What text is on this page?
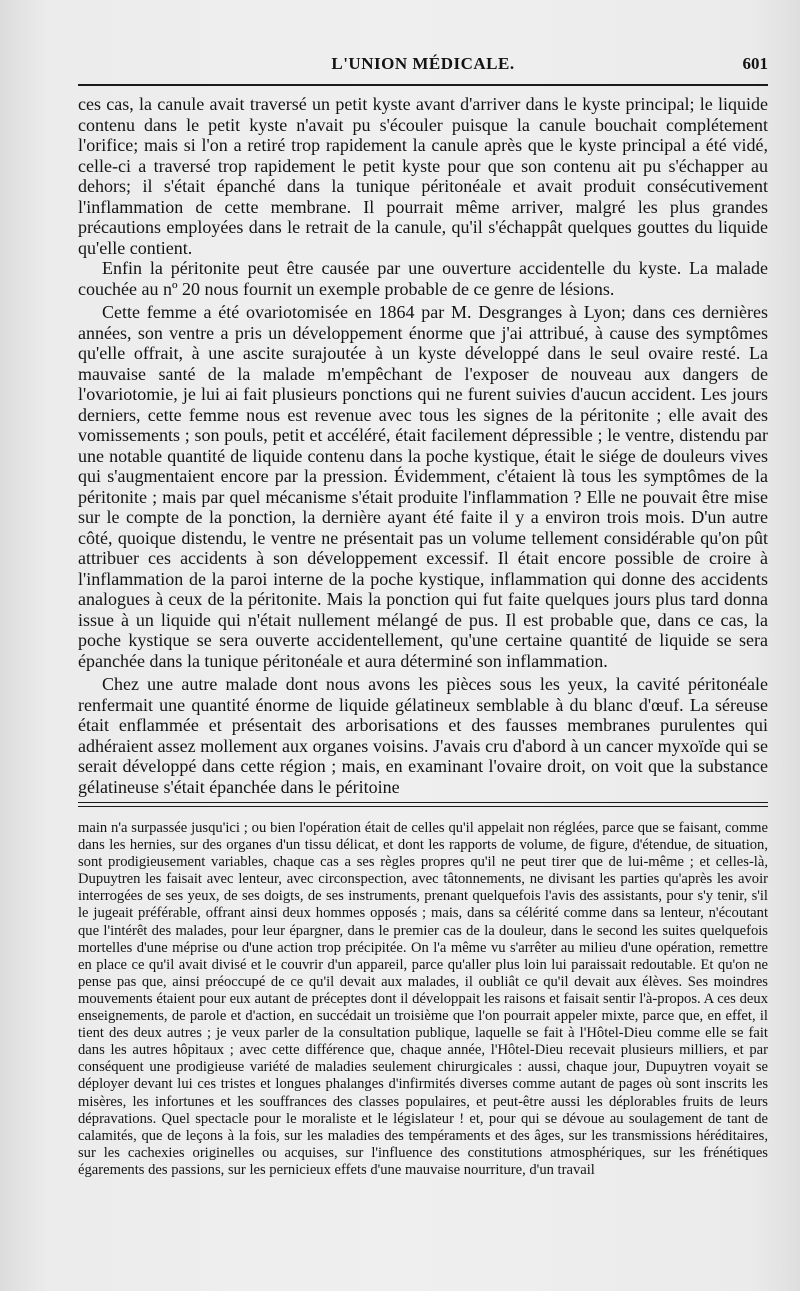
L'UNION MÉDICALE.	601

ces cas, la canule avait traversé un petit kyste avant d'arriver dans le kyste principal; le liquide contenu dans le petit kyste n'avait pu s'écouler puisque la canule bouchait complétement l'orifice; mais si l'on a retiré trop rapidement la canule après que le kyste principal a été vidé, celle-ci a traversé trop rapidement le petit kyste pour que son contenu ait pu s'échapper au dehors; il s'était épanché dans la tunique péritonéale et avait produit consécutivement l'inflammation de cette membrane. Il pourrait même arriver, malgré les plus grandes précautions employées dans le retrait de la canule, qu'il s'échappât quelques gouttes du liquide qu'elle contient.

Enfin la péritonite peut être causée par une ouverture accidentelle du kyste. La malade couchée au nº 20 nous fournit un exemple probable de ce genre de lésions.

Cette femme a été ovariotomisée en 1864 par M. Desgranges à Lyon; dans ces dernières années, son ventre a pris un développement énorme que j'ai attribué, à cause des symptômes qu'elle offrait, à une ascite surajoutée à un kyste développé dans le seul ovaire resté. La mauvaise santé de la malade m'empêchant de l'exposer de nouveau aux dangers de l'ovariotomie, je lui ai fait plusieurs ponctions qui ne furent suivies d'aucun accident. Les jours derniers, cette femme nous est revenue avec tous les signes de la péritonite ; elle avait des vomissements ; son pouls, petit et accéléré, était facilement dépressible ; le ventre, distendu par une notable quantité de liquide contenu dans la poche kystique, était le siége de douleurs vives qui s'augmentaient encore par la pression. Évidemment, c'étaient là tous les symptômes de la péritonite ; mais par quel mécanisme s'était produite l'inflammation ? Elle ne pouvait être mise sur le compte de la ponction, la dernière ayant été faite il y a environ trois mois. D'un autre côté, quoique distendu, le ventre ne présentait pas un volume tellement considérable qu'on pût attribuer ces accidents à son développement excessif. Il était encore possible de croire à l'inflammation de la paroi interne de la poche kystique, inflammation qui donne des accidents analogues à ceux de la péritonite. Mais la ponction qui fut faite quelques jours plus tard donna issue à un liquide qui n'était nullement mélangé de pus. Il est probable que, dans ce cas, la poche kystique se sera ouverte accidentellement, qu'une certaine quantité de liquide se sera épanchée dans la tunique péritonéale et aura déterminé son inflammation.

Chez une autre malade dont nous avons les pièces sous les yeux, la cavité péritonéale renfermait une quantité énorme de liquide gélatineux semblable à du blanc d'œuf. La séreuse était enflammée et présentait des arborisations et des fausses membranes purulentes qui adhéraient assez mollement aux organes voisins. J'avais cru d'abord à un cancer myxoïde qui se serait développé dans cette région ; mais, en examinant l'ovaire droit, on voit que la substance gélatineuse s'était épanchée dans le péritoine

main n'a surpassée jusqu'ici ; ou bien l'opération était de celles qu'il appelait non réglées, parce que se faisant, comme dans les hernies, sur des organes d'un tissu délicat, et dont les rapports de volume, de figure, d'étendue, de situation, sont prodigieusement variables, chaque cas a ses règles propres qu'il ne peut tirer que de lui-même ; et celles-là, Dupuytren les faisait avec lenteur, avec circonspection, avec tâtonnements, ne divisant les parties qu'après les avoir interrogées de ses yeux, de ses doigts, de ses instruments, prenant quelquefois l'avis des assistants, pour s'y tenir, s'il le jugeait préférable, offrant ainsi deux hommes opposés ; mais, dans sa célérité comme dans sa lenteur, n'écoutant que l'intérêt des malades, pour leur épargner, dans le premier cas de la douleur, dans le second les suites quelquefois mortelles d'une méprise ou d'une action trop précipitée. On l'a même vu s'arrêter au milieu d'une opération, remettre en place ce qu'il avait divisé et le couvrir d'un appareil, parce qu'aller plus loin lui paraissait redoutable. Et qu'on ne pense pas que, ainsi préoccupé de ce qu'il devait aux malades, il oubliât ce qu'il devait aux élèves. Ses moindres mouvements étaient pour eux autant de préceptes dont il développait les raisons et faisait sentir l'à-propos. A ces deux enseignements, de parole et d'action, en succédait un troisième que l'on pourrait appeler mixte, parce que, en effet, il tient des deux autres ; je veux parler de la consultation publique, laquelle se fait à l'Hôtel-Dieu comme elle se fait dans les autres hôpitaux ; avec cette différence que, chaque année, l'Hôtel-Dieu recevait plusieurs milliers, et par conséquent une prodigieuse variété de maladies seulement chirurgicales : aussi, chaque jour, Dupuytren voyait se déployer devant lui ces tristes et longues phalanges d'infirmités diverses comme autant de pages où sont inscrits les misères, les infortunes et les souffrances des classes populaires, et peut-être aussi les déplorables fruits de leurs dépravations. Quel spectacle pour le moraliste et le législateur ! et, pour qui se dévoue au soulagement de tant de calamités, que de leçons à la fois, sur les maladies des tempéraments et des âges, sur les transmissions héréditaires, sur les cachexies originelles ou acquises, sur l'influence des constitutions atmosphériques, sur les frénétiques égarements des passions, sur les pernicieux effets d'une mauvaise nourriture, d'un travail
